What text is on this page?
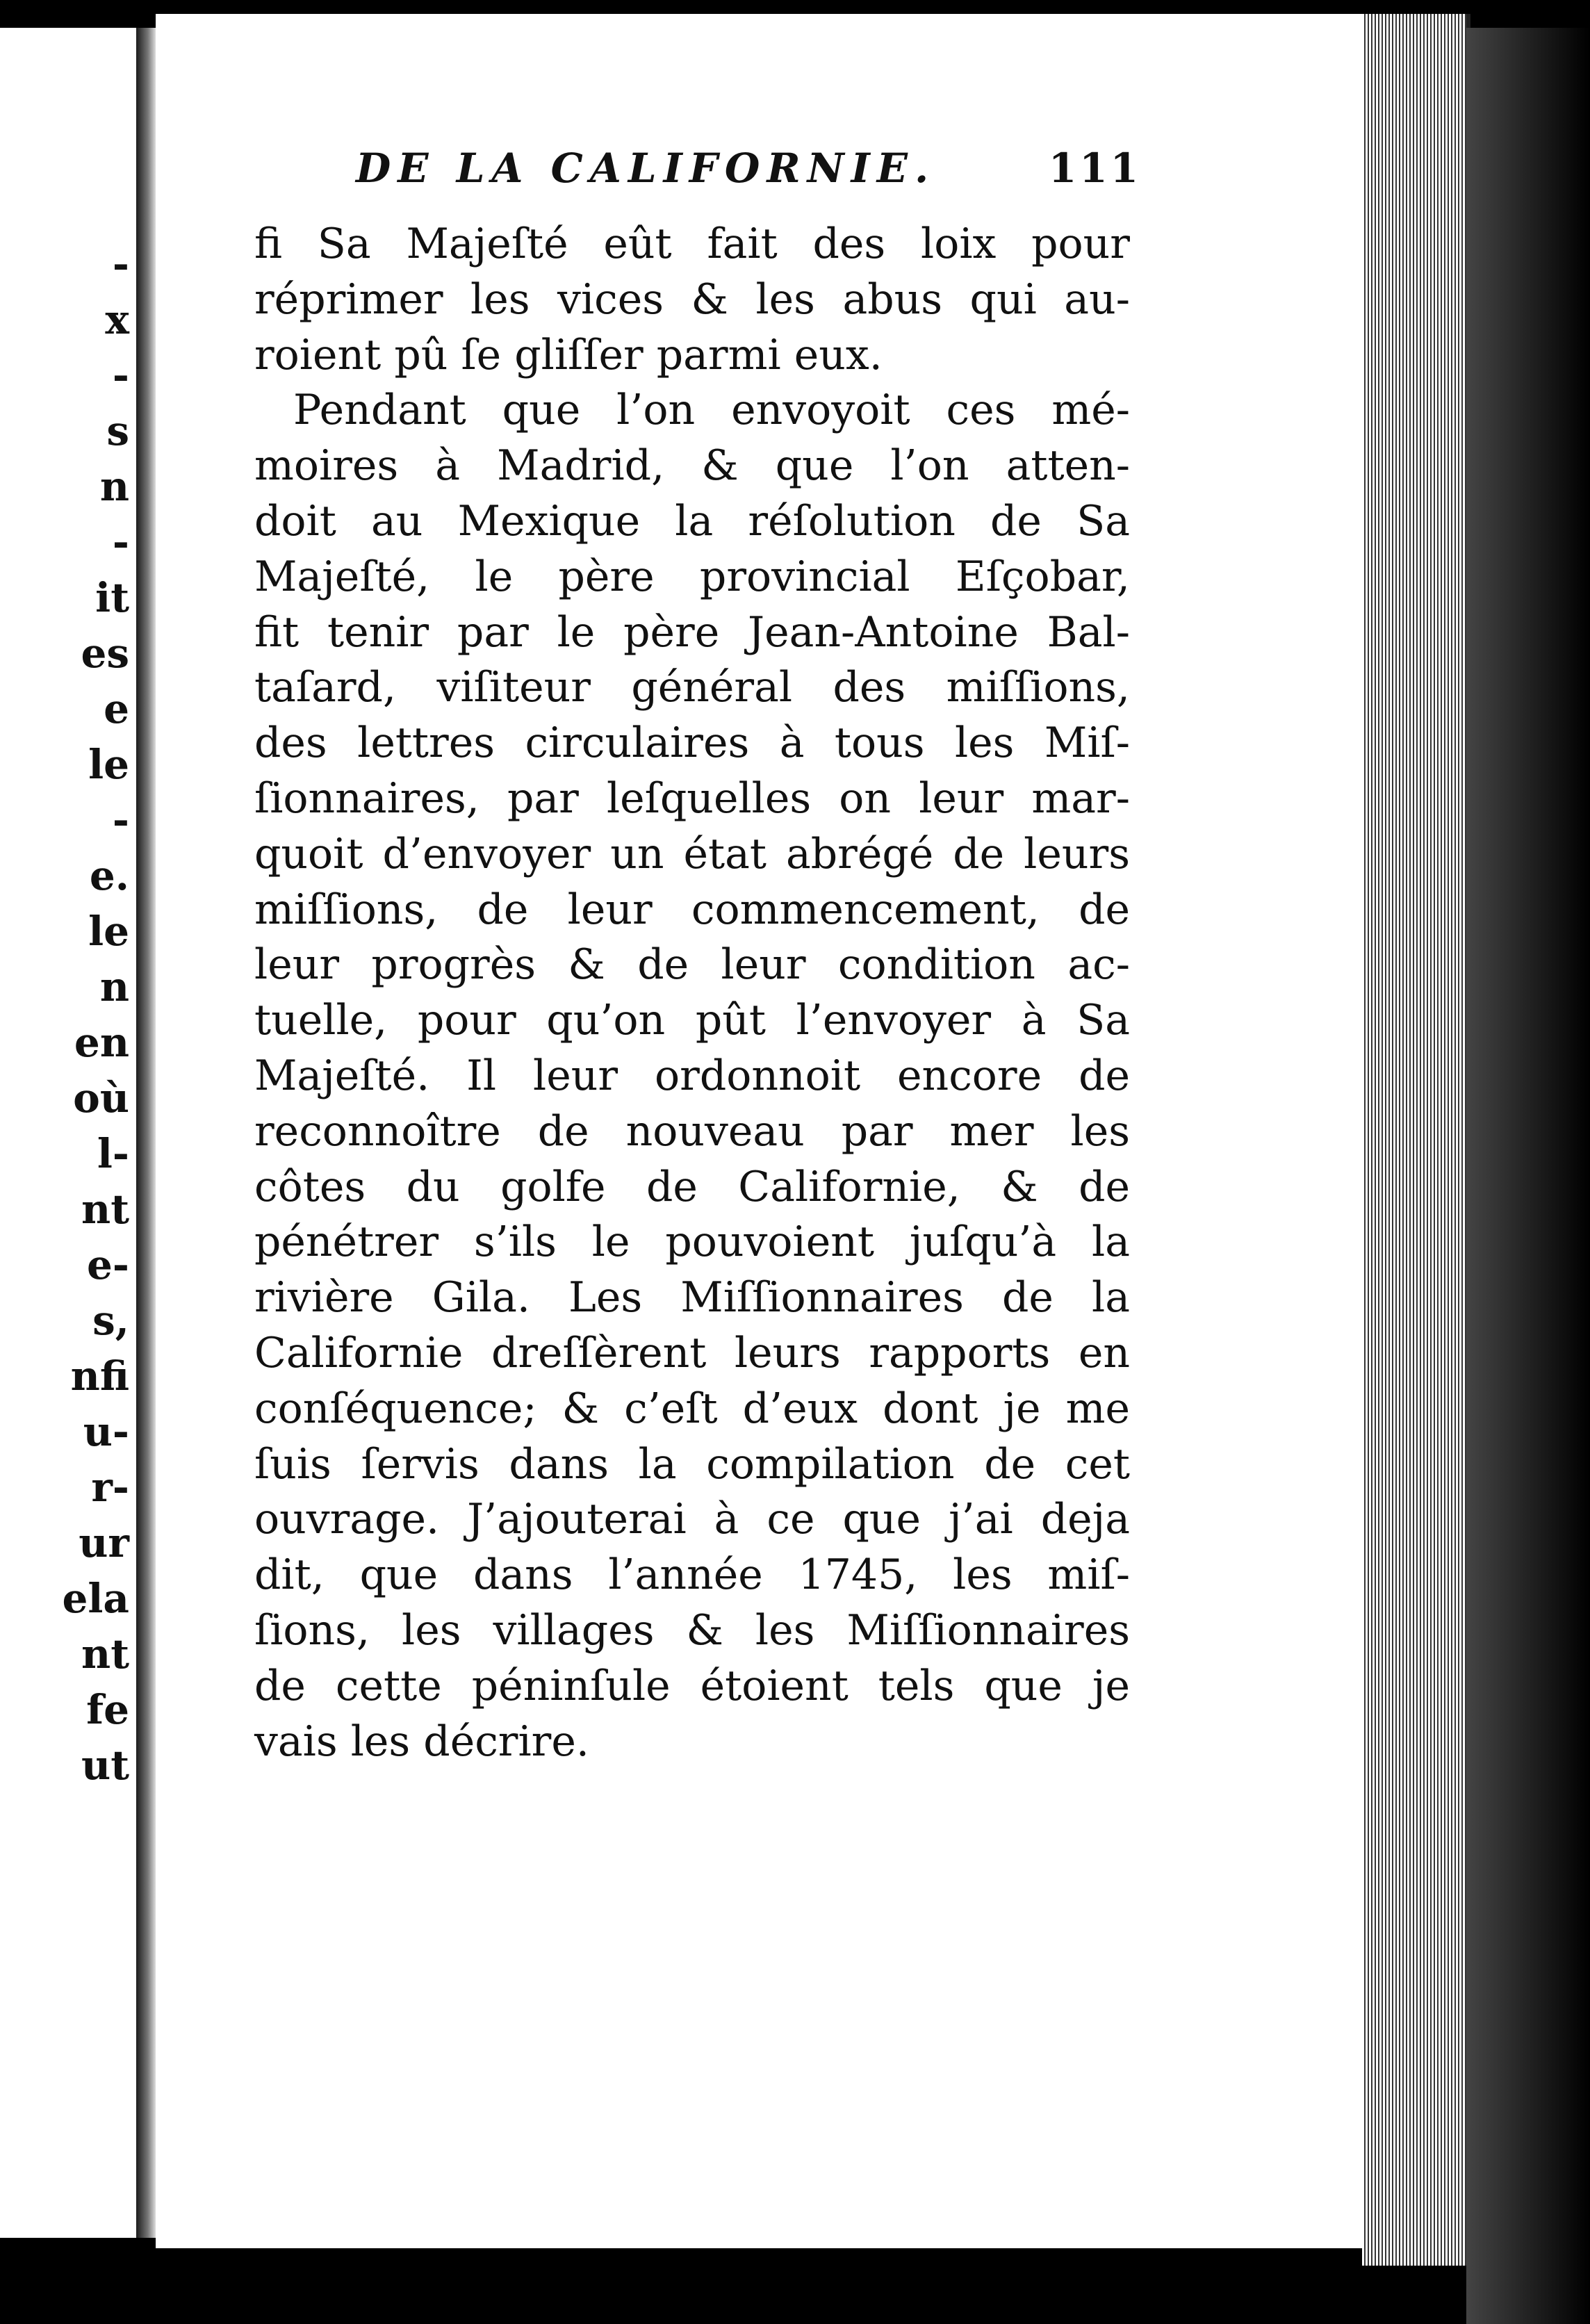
-
x
-
s
n
-
it
es
e
le
-
e.
le
n
en
où
l-
nt
e-
s,
nfi
u-
r-
ur
ela
nt
fe
ut
DE LA CALIFORNIE.	111
fi Sa Majeſté eût fait des loix pour
réprimer les vices & les abus qui au-
roient pû ſe gliſſer parmi eux.
Pendant que l’on envoyoit ces mé-
moires à Madrid, & que l’on atten-
doit au Mexique la réſolution de Sa
Majeſté, le père provincial Eſçobar,
fit tenir par le père Jean-Antoine Bal-
taſard, viſiteur général des miſſions,
des lettres circulaires à tous les Miſ-
ſionnaires, par leſquelles on leur mar-
quoit d’envoyer un état abrégé de leurs
miſſions, de leur commencement, de
leur progrès & de leur condition ac-
tuelle, pour qu’on pût l’envoyer à Sa
Majeſté. Il leur ordonnoit encore de
reconnoître de nouveau par mer les
côtes du golfe de Californie, & de
pénétrer s’ils le pouvoient juſqu’à la
rivière Gila. Les Miſſionnaires de la
Californie dreſſèrent leurs rapports en
conſéquence; & c’eſt d’eux dont je me
ſuis ſervis dans la compilation de cet
ouvrage. J’ajouterai à ce que j’ai deja
dit, que dans l’année 1745, les miſ-
ſions, les villages & les Miſſionnaires
de cette péninſule étoient tels que je
vais les décrire.
